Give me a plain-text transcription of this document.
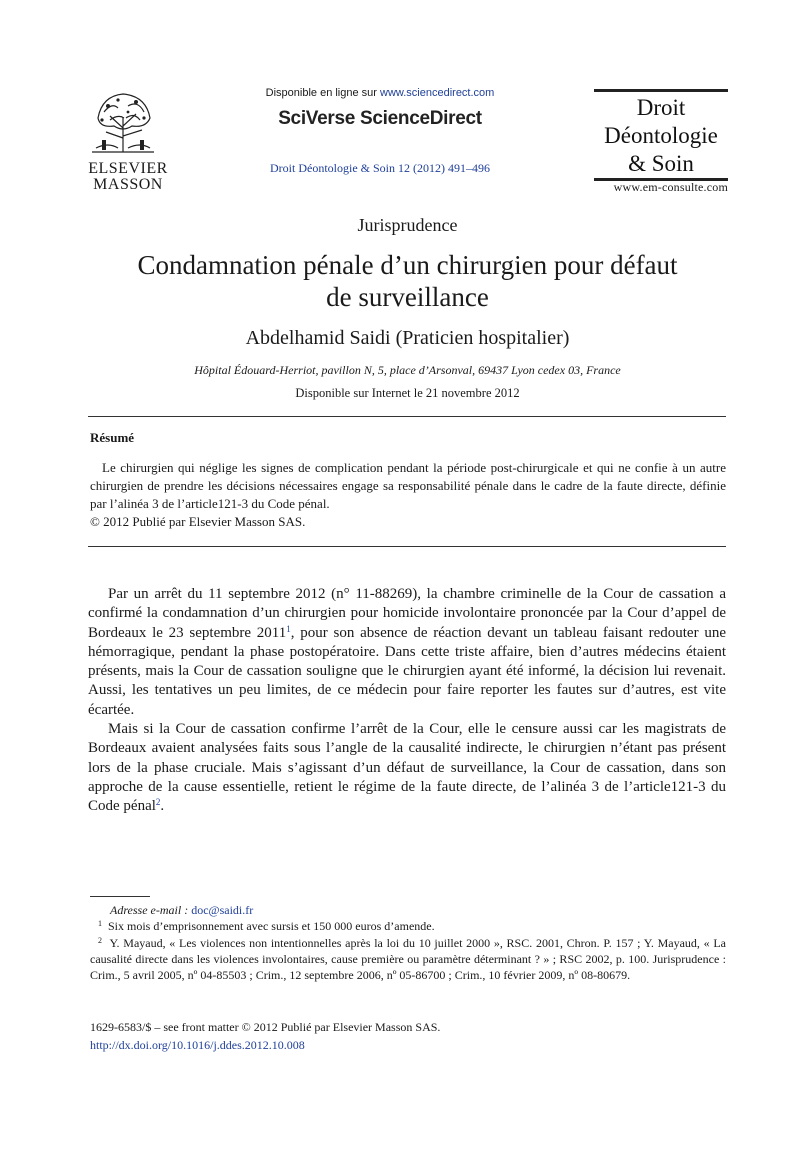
ELSEVIER
MASSON
Disponible en ligne sur www.sciencedirect.com
SciVerse ScienceDirect
Droit Déontologie & Soin 12 (2012) 491–496
Droit
Déontologie
& Soin
www.em-consulte.com
Jurisprudence
Condamnation pénale d’un chirurgien pour défaut
de surveillance
Abdelhamid Saidi (Praticien hospitalier)
Hôpital Édouard-Herriot, pavillon N, 5, place d’Arsonval, 69437 Lyon cedex 03, France
Disponible sur Internet le 21 novembre 2012
Résumé
Le chirurgien qui néglige les signes de complication pendant la période post-chirurgicale et qui ne confie à un autre chirurgien de prendre les décisions nécessaires engage sa responsabilité pénale dans le cadre de la faute directe, définie par l’alinéa 3 de l’article121-3 du Code pénal.
© 2012 Publié par Elsevier Masson SAS.

Par un arrêt du 11 septembre 2012 (n° 11-88269), la chambre criminelle de la Cour de cassation a confirmé la condamnation d’un chirurgien pour homicide involontaire prononcée par la Cour d’appel de Bordeaux le 23 septembre 2011$^1$, pour son absence de réaction devant un tableau faisant redouter une hémorragique, pendant la phase postopératoire. Dans cette triste affaire, bien d’autres médecins étaient présents, mais la Cour de cassation souligne que le chirurgien ayant été informé, la décision lui revenait. Aussi, les tentatives un peu limites, de ce médecin pour faire reporter les fautes sur d’autres, est vite écartée.

Mais si la Cour de cassation confirme l’arrêt de la Cour, elle le censure aussi car les magistrats de Bordeaux avaient analysées faits sous l’angle de la causalité indirecte, le chirurgien n’étant pas présent lors de la phase cruciale. Mais s’agissant d’un défaut de surveillance, la Cour de cassation, dans son approche de la cause essentielle, retient le régime de la faute directe, de l’alinéa 3 de l’article121-3 du Code pénal$^2$.

Adresse e-mail : doc@saidi.fr
$^1$ Six mois d’emprisonnement avec sursis et 150 000 euros d’amende.
$^2$ Y. Mayaud, « Les violences non intentionnelles après la loi du 10 juillet 2000 », RSC. 2001, Chron. P. 157 ; Y. Mayaud, « La causalité directe dans les violences involontaires, cause première ou paramètre déterminant ? » ; RSC 2002, p. 100. Jurisprudence : Crim., 5 avril 2005, nº 04-85503 ; Crim., 12 septembre 2006, nº 05-86700 ; Crim., 10 février 2009, nº 08-80679.
1629-6583/$ – see front matter © 2012 Publié par Elsevier Masson SAS.
http://dx.doi.org/10.1016/j.ddes.2012.10.008
